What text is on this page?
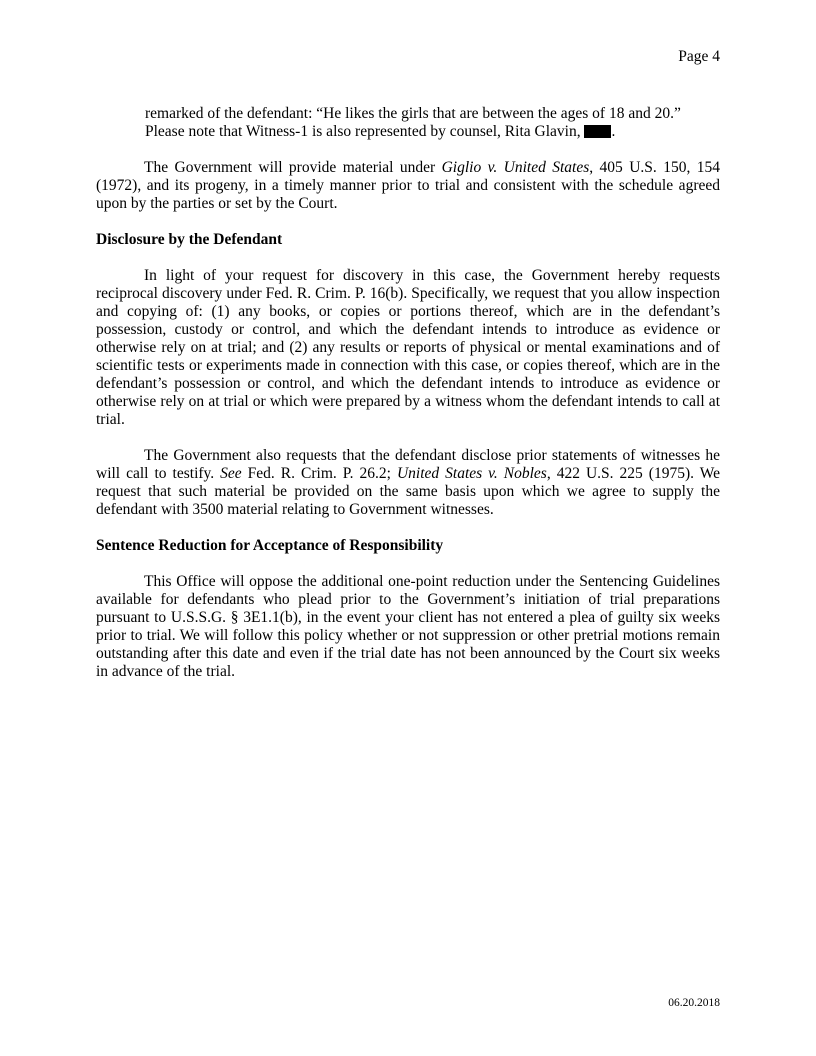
Page 4

remarked of the defendant: “He likes the girls that are between the ages of 18 and 20.”
Please note that Witness-1 is also represented by counsel, Rita Glavin, .

The Government will provide material under Giglio v. United States, 405 U.S. 150, 154 (1972), and its progeny, in a timely manner prior to trial and consistent with the schedule agreed upon by the parties or set by the Court.

Disclosure by the Defendant

In light of your request for discovery in this case, the Government hereby requests reciprocal discovery under Fed. R. Crim. P. 16(b). Specifically, we request that you allow inspection and copying of: (1) any books, or copies or portions thereof, which are in the defendant’s possession, custody or control, and which the defendant intends to introduce as evidence or otherwise rely on at trial; and (2) any results or reports of physical or mental examinations and of scientific tests or experiments made in connection with this case, or copies thereof, which are in the defendant’s possession or control, and which the defendant intends to introduce as evidence or otherwise rely on at trial or which were prepared by a witness whom the defendant intends to call at trial.

The Government also requests that the defendant disclose prior statements of witnesses he will call to testify. See Fed. R. Crim. P. 26.2; United States v. Nobles, 422 U.S. 225 (1975). We request that such material be provided on the same basis upon which we agree to supply the defendant with 3500 material relating to Government witnesses.

Sentence Reduction for Acceptance of Responsibility

This Office will oppose the additional one-point reduction under the Sentencing Guidelines available for defendants who plead prior to the Government’s initiation of trial preparations pursuant to U.S.S.G. § 3E1.1(b), in the event your client has not entered a plea of guilty six weeks prior to trial. We will follow this policy whether or not suppression or other pretrial motions remain outstanding after this date and even if the trial date has not been announced by the Court six weeks in advance of the trial.

06.20.2018
